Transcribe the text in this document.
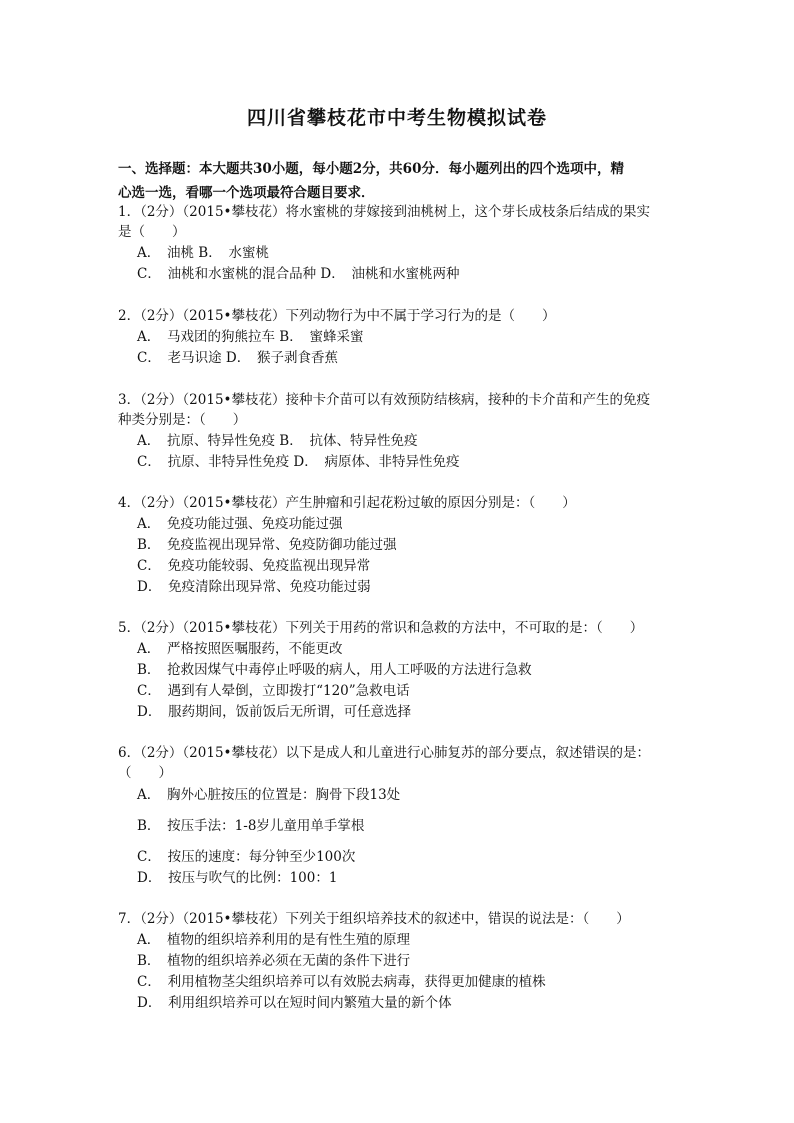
四川省攀枝花市中考生物模拟试卷
一、选择题：本大题共30小题，每小题2分，共60分．每小题列出的四个选项中，精
心选一选，看哪一个选项最符合题目要求．
1．（2分）（2015•攀枝花）将水蜜桃的芽嫁接到油桃树上，这个芽长成枝条后结成的果实
是（　　）
A．　油桃 B．　水蜜桃
C．　油桃和水蜜桃的混合品种 D．　油桃和水蜜桃两种
2．（2分）（2015•攀枝花）下列动物行为中不属于学习行为的是（　　）
A．　马戏团的狗熊拉车 B．　蜜蜂采蜜
C．　老马识途 D．　猴子剥食香蕉
3．（2分）（2015•攀枝花）接种卡介苗可以有效预防结核病，接种的卡介苗和产生的免疫
种类分别是：（　　）
A．　抗原、特异性免疫 B．　抗体、特异性免疫
C．　抗原、非特异性免疫 D．　病原体、非特异性免疫
4．（2分）（2015•攀枝花）产生肿瘤和引起花粉过敏的原因分别是：（　　）
A．　免疫功能过强、免疫功能过强
B．　免疫监视出现异常、免疫防御功能过强
C．　免疫功能较弱、免疫监视出现异常
D．　免疫清除出现异常、免疫功能过弱
5．（2分）（2015•攀枝花）下列关于用药的常识和急救的方法中，不可取的是：（　　）
A．　严格按照医嘱服药，不能更改
B．　抢救因煤气中毒停止呼吸的病人，用人工呼吸的方法进行急救
C．　遇到有人晕倒，立即拨打“120”急救电话
D．　服药期间，饭前饭后无所谓，可任意选择
6．（2分）（2015•攀枝花）以下是成人和儿童进行心肺复苏的部分要点，叙述错误的是：
（　　）
A．　胸外心脏按压的位置是：胸骨下段13处
B．　按压手法：1-8岁儿童用单手掌根
C．　按压的速度：每分钟至少100次
D．　按压与吹气的比例：100：1
7．（2分）（2015•攀枝花）下列关于组织培养技术的叙述中，错误的说法是：（　　）
A．　植物的组织培养利用的是有性生殖的原理
B．　植物的组织培养必须在无菌的条件下进行
C．　利用植物茎尖组织培养可以有效脱去病毒，获得更加健康的植株
D．　利用组织培养可以在短时间内繁殖大量的新个体
